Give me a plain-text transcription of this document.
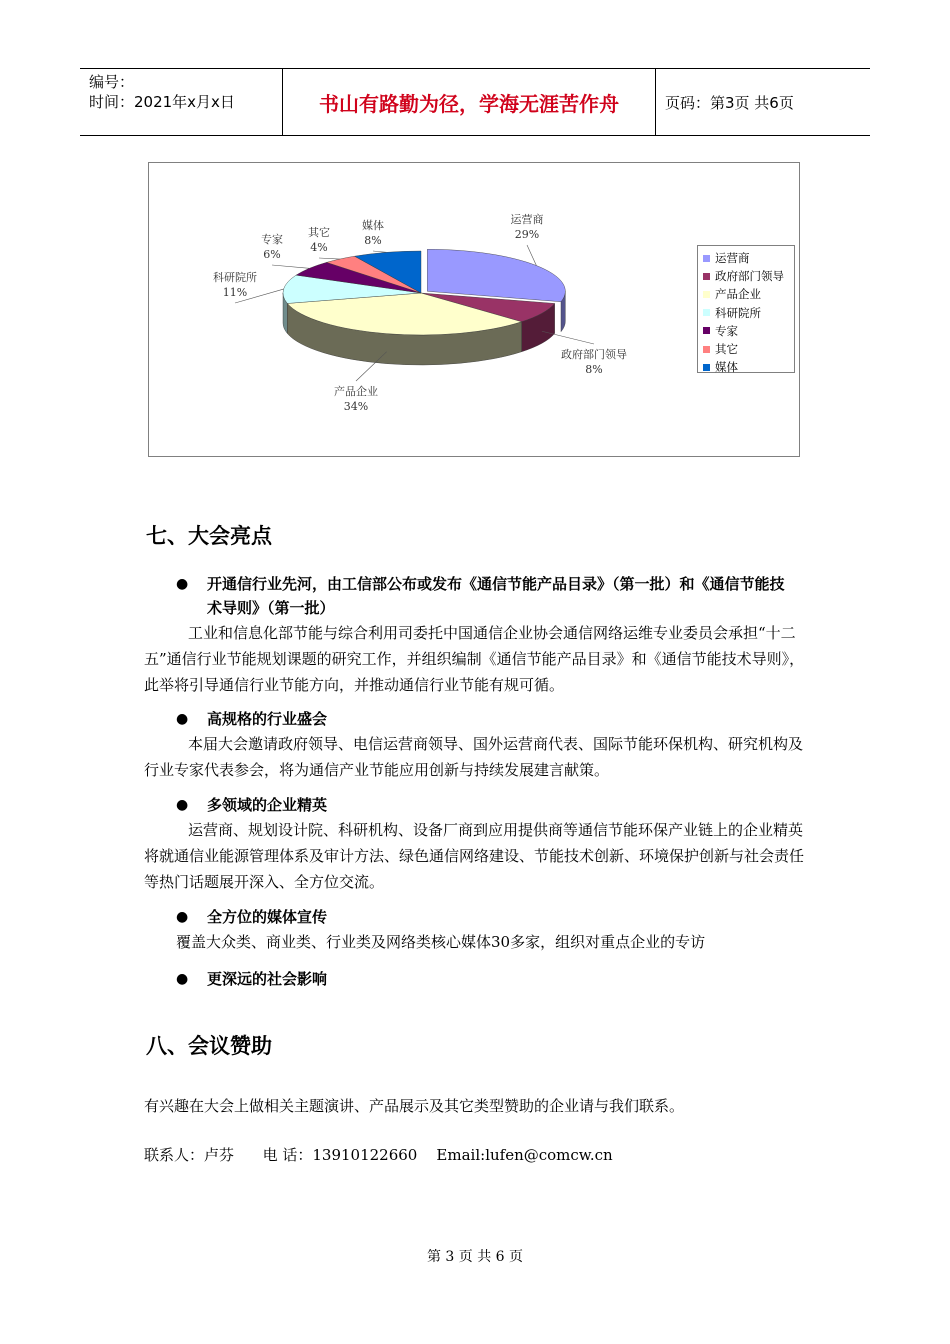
编号：
时间：2021年x月x日	书山有路勤为径，学海无涯苦作舟	页码：第3页 共6页
运营商
29%
政府部门领导
8%
产品企业
34%
科研院所
11%
专家
6%
其它
4%
媒体
8%
运营商
政府部门领导
产品企业
科研院所
专家
其它
媒体
七、大会亮点
● 开通信行业先河，由工信部公布或发布《通信节能产品目录》（第一批）和《通信节能技术导则》（第一批）
工业和信息化部节能与综合利用司委托中国通信企业协会通信网络运维专业委员会承担“十二五”通信行业节能规划课题的研究工作，并组织编制《通信节能产品目录》和《通信节能技术导则》，此举将引导通信行业节能方向，并推动通信行业节能有规可循。
● 高规格的行业盛会
本届大会邀请政府领导、电信运营商领导、国外运营商代表、国际节能环保机构、研究机构及行业专家代表参会，将为通信产业节能应用创新与持续发展建言献策。
● 多领域的企业精英
运营商、规划设计院、科研机构、设备厂商到应用提供商等通信节能环保产业链上的企业精英将就通信业能源管理体系及审计方法、绿色通信网络建设、节能技术创新、环境保护创新与社会责任等热门话题展开深入、全方位交流。
● 全方位的媒体宣传
覆盖大众类、商业类、行业类及网络类核心媒体30多家，组织对重点企业的专访
● 更深远的社会影响
八、会议赞助
有兴趣在大会上做相关主题演讲、产品展示及其它类型赞助的企业请与我们联系。
联系人：卢芬      电 话：13910122660    Email:lufen@comcw.cn
第 3 页 共 6 页
